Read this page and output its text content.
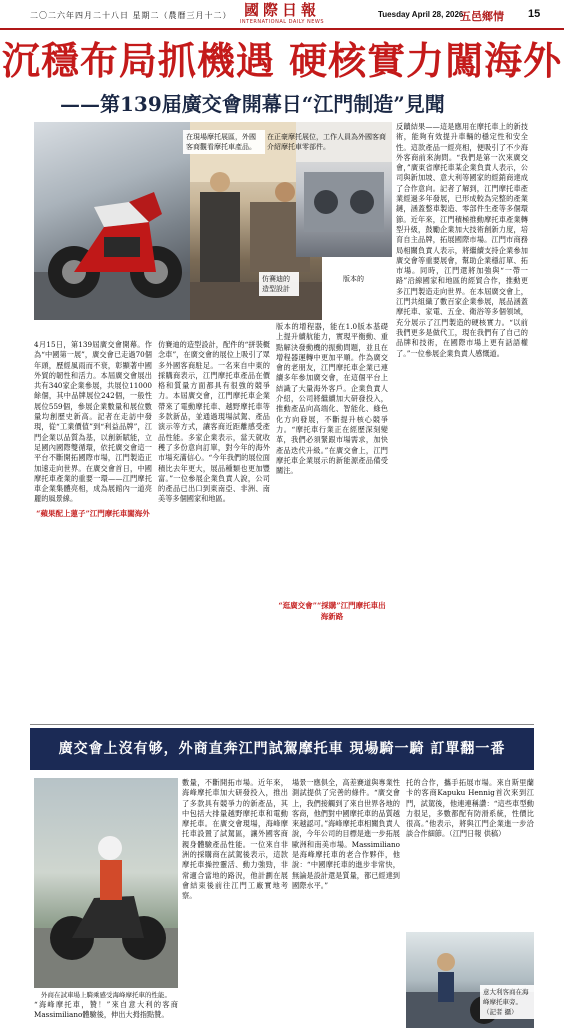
二〇二六年四月二十八日 星期二（農曆三月十二） 國際日報
INTERNATIONAL DAILY NEWS
Tuesday April 28, 2026
五邑鄉情 15
沉穩布局抓機遇 硬核實力闖海外
——第139届廣交會開幕日“江門制造”見聞
在現場摩托展區，外國客商觀看摩托車產品。
在正豪摩托展位，工作人員為外國客商介紹摩托車零部件。
仿賽迪的造型設計
版本的
4月15日，第139屆廣交會開幕。作為“中國第一展”，廣交會已走過70個年頭，歷經風雨而不衰，彰顯著中國外貿的韌性和活力。本屆廣交會展出共有340家企業參展，共展位11000餘個，其中品牌展位242個，一般性展位559個，參展企業數量和展位數量均創歷史新高。記者在走訪中發現，從“工業價值”到“利益品牌”，江門企業以品質為基，以創新賦能，立足國內國際雙循環，依托廣交會這一平台不斷開拓國際市場，江門製造正加速走向世界。在廣交會首日，中國摩托車產業的重要一環——江門摩托車企業集體亮相，成為展館內一道亮麗的風景線。
“蘋果配上蓮子”江門摩托車闖海外
仿賽迪的造型設計，配件的“拼裝概念車”，在廣交會的展位上吸引了眾多外國客商駐足。一名來自中東的採購商表示，江門摩托車產品在價格和質量方面都具有很強的競爭力。本屆廣交會，江門摩托車企業帶來了電動摩托車、越野摩托車等多款新品，並通過現場試駕、產品演示等方式，讓客商近距離感受產品性能。多家企業表示，當天就收穫了多份意向訂單，對今年的海外市場充滿信心。“今年我們的展位面積比去年更大，展品種類也更加豐富。”一位參展企業負責人說，公司的產品已出口到東南亞、非洲、南美等多個國家和地區。
版本的增程器，能在1.0版本基礎上提升續航能力，實現平衡動、重點解決發動機的振動問題，並且在增程器運轉中更加平順。作為廣交會的老朋友，江門摩托車企業已連續多年參加廣交會，在這個平台上結識了大量海外客戶。企業負責人介紹，公司將繼續加大研發投入，推動產品向高端化、智能化、綠色化方向發展，不斷提升核心競爭力。“摩托車行業正在經歷深刻變革，我們必須緊跟市場需求，加快產品迭代升級。”在廣交會上，江門摩托車企業展示的新能源產品備受關注。
“逛廣交會”“採購”江門摩托車出海新路
反饋結果——這是應用在摩托車上的新技術，能夠有效提升車輛的穩定性和安全性。這款產品一經亮相，便吸引了不少海外客商前來詢問。“我們是第一次來廣交會，”廣東省摩托車某企業負責人表示，公司與新加坡、意大利等國家的經銷商達成了合作意向。記者了解到，江門摩托車產業經過多年發展，已形成較為完整的產業鏈，涵蓋整車製造、零部件生產等多個環節。近年來，江門積極推動摩托車產業轉型升級，鼓勵企業加大技術創新力度，培育自主品牌，拓展國際市場。江門市商務局相關負責人表示，將繼續支持企業參加廣交會等重要展會，幫助企業穩訂單、拓市場。同時，江門還將加強與“一帶一路”沿線國家和地區的經貿合作，推動更多江門製造走向世界。在本屆廣交會上，江門共組織了數百家企業參展，展品涵蓋摩托車、家電、五金、衛浴等多個領域，充分展示了江門製造的硬核實力。“以前我們更多是做代工，現在我們有了自己的品牌和技術，在國際市場上更有話語權了。”一位參展企業負責人感慨道。
廣交會上沒有够，外商直奔江門試駕摩托車 現場騎一騎 訂單翻一番
外商在試車場上騎乘感受海峰摩托車的性能。	意大利客商在海峰摩托車旁。（記者 攝）
“海峰摩托車，贊！”來自意大利的客商Massimiliano體驗後，伸出大拇指點贊。
數量，不斷開拓市場。近年來，海峰摩托車加大研發投入，推出了多款具有競爭力的新產品，其中包括大排量越野摩托車和電動摩托車。在廣交會現場，海峰摩托車設置了試駕區，讓外國客商親身體驗產品性能。一位來自非洲的採購商在試駕後表示，這款摩托車操控靈活、動力強勁，非常適合當地的路況，他計劃在展會結束後前往江門工廠實地考察。
場景一應俱全，高差賽道與專業性測試提供了完善的條件。“廣交會上，我們接觸到了來自世界各地的客商，他們對中國摩托車的品質越來越認可。”海峰摩托車相關負責人說，今年公司的目標是進一步拓展歐洲和南美市場。Massimiliano是海峰摩托車的老合作夥伴，他說：“中國摩托車的進步非常快，無論是設計還是質量，都已經達到國際水平。”
托的合作，攜手拓展市場。來自斯里蘭卡的客商Kapuku Hennig首次來到江門，試駕後，他連連稱讚：“這些車型動力很足，多數都配有防滑系統，性價比很高。”他表示，將與江門企業進一步洽談合作細節。（江門日報 供稿）
